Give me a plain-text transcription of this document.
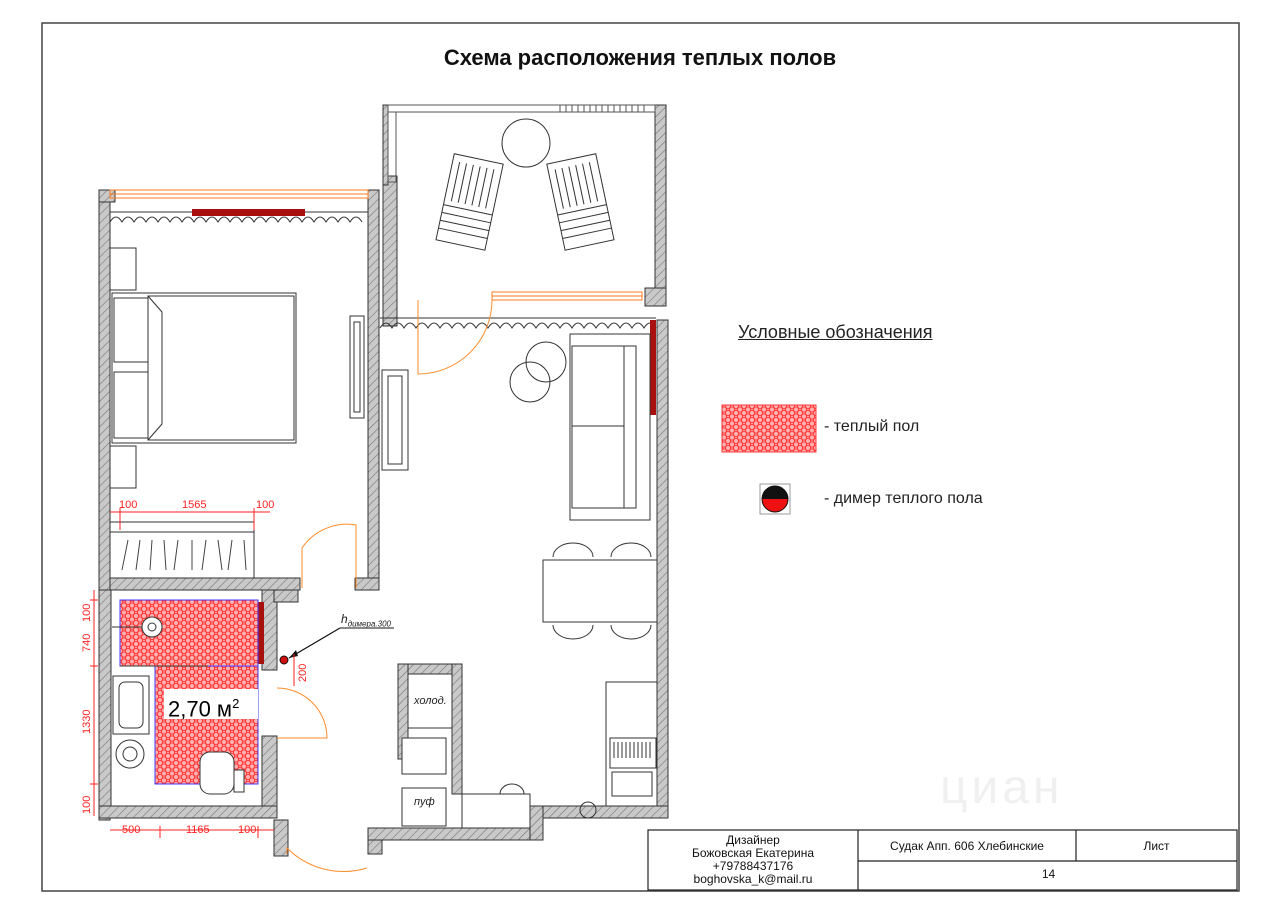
100	1565	100
500	1165	100
100
740
1330
100
200
Схема расположения теплых полов
Условные обозначения
- теплый пол
- димер теплого пола
2,70 $м^2$
$h_{димера.300}$
холод.
пуф
Дизайнер
Божовская Екатерина
+79788437176
boghovska_k@mail.ru
Судак Апп. 606 Хлебинские	Лист
14
циан
